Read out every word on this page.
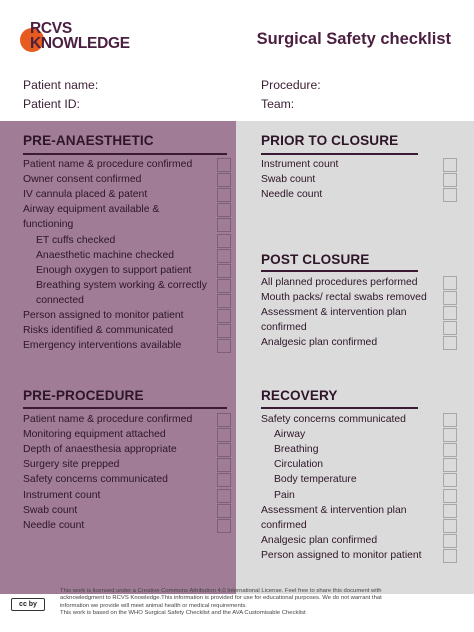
RCVS
KNOWLEDGE	Surgical Safety checklist
Patient name:
Patient ID:
Procedure:
Team:
PRE-ANAESTHETIC
Patient name & procedure confirmed
Owner consent confirmed
IV cannula placed & patent
Airway equipment available &
functioning
ET cuffs checked
Anaesthetic machine checked
Enough oxygen to support patient
Breathing system working & correctly
connected
Person assigned to monitor patient
Risks identified & communicated
Emergency interventions available
PRE-PROCEDURE
Patient name & procedure confirmed
Monitoring equipment attached
Depth of anaesthesia appropriate
Surgery site prepped
Safety concerns communicated
Instrument count
Swab count
Needle count
PRIOR TO CLOSURE
Instrument count
Swab count
Needle count
POST CLOSURE
All planned procedures performed
Mouth packs/ rectal swabs removed
Assessment & intervention plan
confirmed
Analgesic plan confirmed
RECOVERY
Safety concerns communicated
Airway
Breathing
Circulation
Body temperature
Pain
Assessment & intervention plan
confirmed
Analgesic plan confirmed
Person assigned to monitor patient
cc by
This work is licensed under a Creative Commons Attribution 4.0 International License. Feel free to share this document with
acknowledgment to RCVS Knowledge.This information is provided for use for educational purposes. We do not warrant that
information we provide will meet animal health or medical requirements.
This work is based on the WHO Surgical Safety Checklist and the AVA Customisable Checklist
